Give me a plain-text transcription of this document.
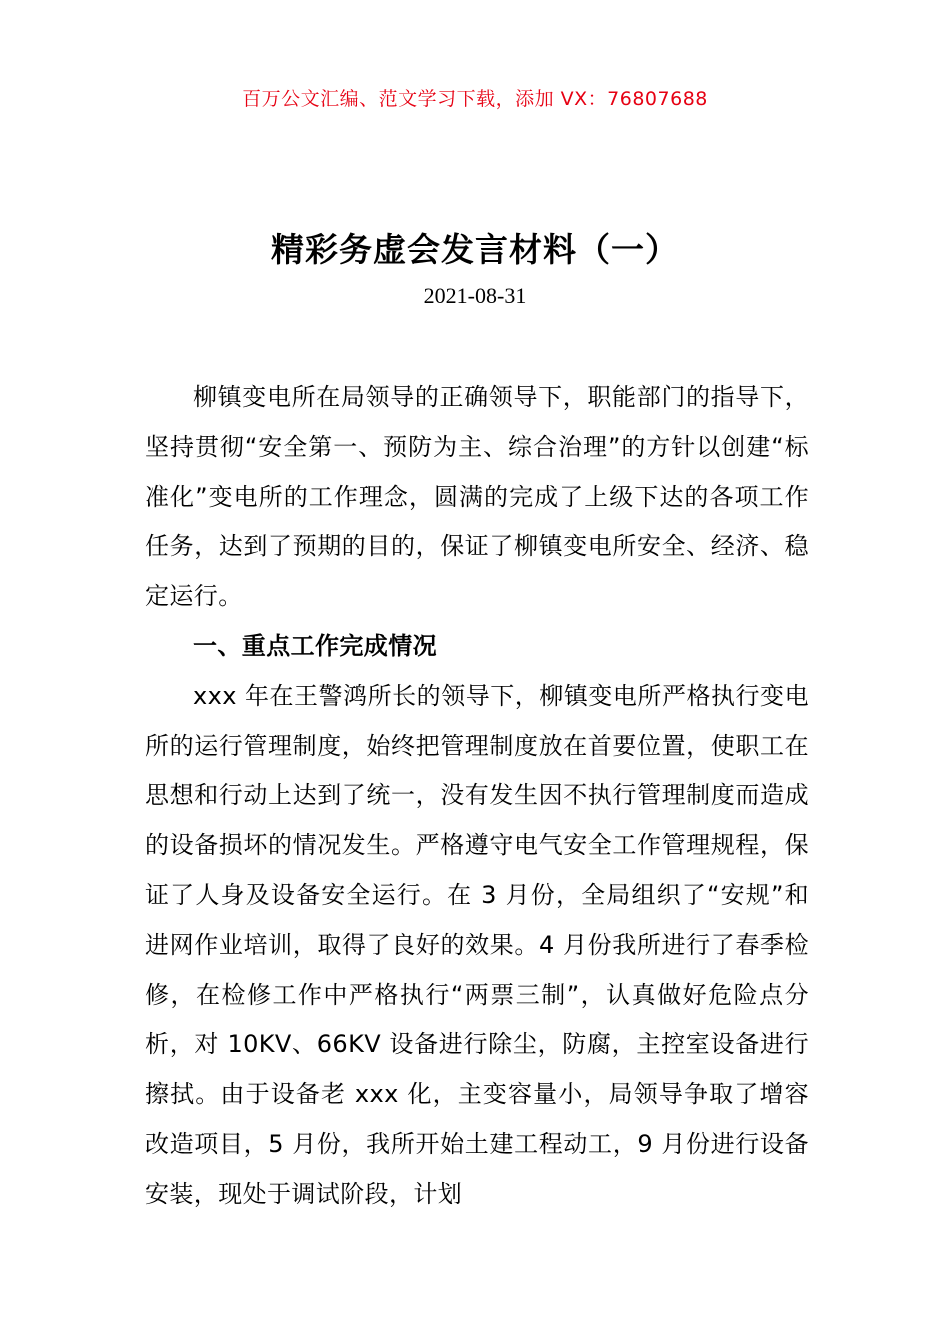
百万公文汇编、范文学习下载，添加 VX：76807688
精彩务虚会发言材料（一）
2021-08-31

柳镇变电所在局领导的正确领导下，职能部门的指导下，坚持贯彻“安全第一、预防为主、综合治理”的方针以创建“标准化”变电所的工作理念，圆满的完成了上级下达的各项工作任务，达到了预期的目的，保证了柳镇变电所安全、经济、稳定运行。

一、重点工作完成情况

xxx 年在王警鸿所长的领导下，柳镇变电所严格执行变电所的运行管理制度，始终把管理制度放在首要位置，使职工在思想和行动上达到了统一，没有发生因不执行管理制度而造成的设备损坏的情况发生。严格遵守电气安全工作管理规程，保证了人身及设备安全运行。在 3 月份，全局组织了“安规”和进网作业培训，取得了良好的效果。4 月份我所进行了春季检修，在检修工作中严格执行“两票三制”，认真做好危险点分析，对 10KV、66KV 设备进行除尘，防腐，主控室设备进行擦拭。由于设备老 xxx 化，主变容量小，局领导争取了增容改造项目，5 月份，我所开始土建工程动工，9 月份进行设备安装，现处于调试阶段，计划
